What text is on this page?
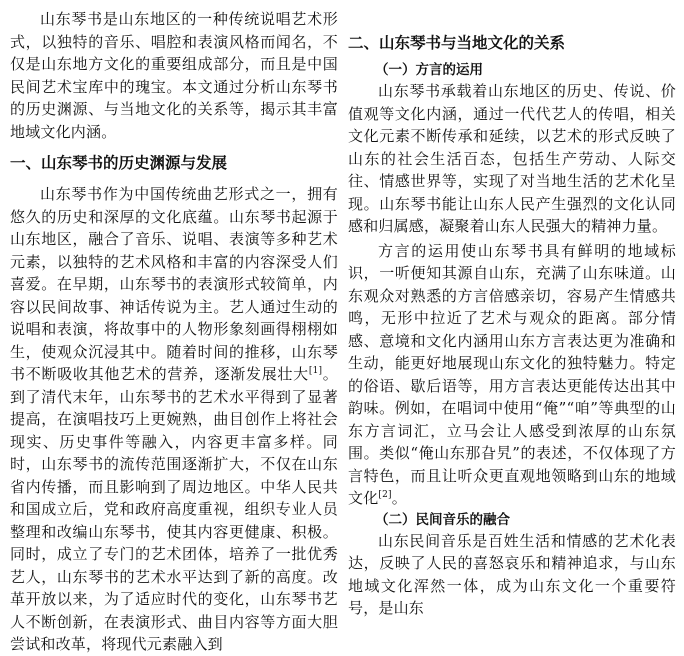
山东琴书是山东地区的一种传统说唱艺术形式，以独特的音乐、唱腔和表演风格而闻名，不仅是山东地方文化的重要组成部分，而且是中国民间艺术宝库中的瑰宝。本文通过分析山东琴书的历史渊源、与当地文化的关系等，揭示其丰富地域文化内涵。

一、山东琴书的历史渊源与发展

山东琴书作为中国传统曲艺形式之一，拥有悠久的历史和深厚的文化底蕴。山东琴书起源于山东地区，融合了音乐、说唱、表演等多种艺术元素，以独特的艺术风格和丰富的内容深受人们喜爱。在早期，山东琴书的表演形式较简单，内容以民间故事、神话传说为主。艺人通过生动的说唱和表演，将故事中的人物形象刻画得栩栩如生，使观众沉浸其中。随着时间的推移，山东琴书不断吸收其他艺术的营养，逐渐发展壮大[1]。到了清代末年，山东琴书的艺术水平得到了显著提高，在演唱技巧上更婉熟，曲目创作上将社会现实、历史事件等融入，内容更丰富多样。同时，山东琴书的流传范围逐渐扩大，不仅在山东省内传播，而且影响到了周边地区。中华人民共和国成立后，党和政府高度重视，组织专业人员整理和改编山东琴书，使其内容更健康、积极。同时，成立了专门的艺术团体，培养了一批优秀艺人，山东琴书的艺术水平达到了新的高度。改革开放以来，为了适应时代的变化，山东琴书艺人不断创新，在表演形式、曲目内容等方面大胆尝试和改革，将现代元素融入到

二、山东琴书与当地文化的关系
（一）方言的运用

山东琴书承载着山东地区的历史、传说、价值观等文化内涵，通过一代代艺人的传唱，相关文化元素不断传承和延续，以艺术的形式反映了山东的社会生活百态，包括生产劳动、人际交往、情感世界等，实现了对当地生活的艺术化呈现。山东琴书能让山东人民产生强烈的文化认同感和归属感，凝聚着山东人民强大的精神力量。

方言的运用使山东琴书具有鲜明的地域标识，一听便知其源自山东，充满了山东味道。山东观众对熟悉的方言倍感亲切，容易产生情感共鸣，无形中拉近了艺术与观众的距离。部分情感、意境和文化内涵用山东方言表达更为准确和生动，能更好地展现山东文化的独特魅力。特定的俗语、歇后语等，用方言表达更能传达出其中韵味。例如，在唱词中使用“俺”“咱”等典型的山东方言词汇，立马会让人感受到浓厚的山东氛围。类似“俺山东那旮旯”的表述，不仅体现了方言特色，而且让听众更直观地领略到山东的地域文化[2]。

（二）民间音乐的融合

山东民间音乐是百姓生活和情感的艺术化表达，反映了人民的喜怒哀乐和精神追求，与山东地域文化浑然一体，成为山东文化一个重要符号，是山东
